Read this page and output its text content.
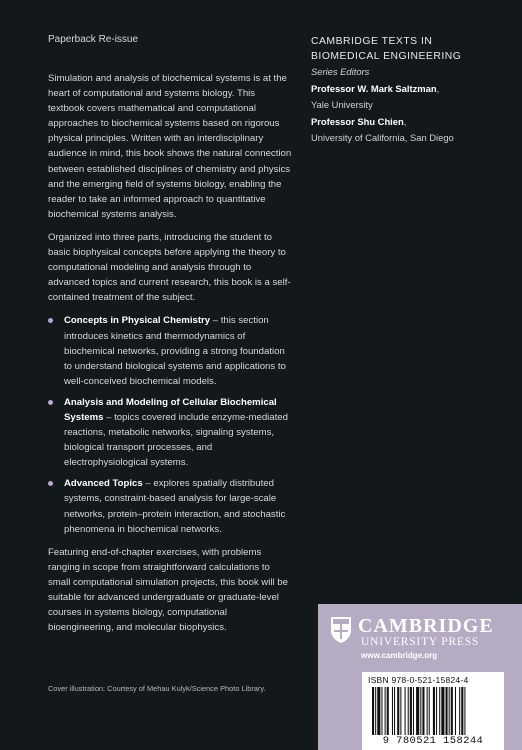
Paperback Re-issue

Simulation and analysis of biochemical systems is at the heart of computational and systems biology. This textbook covers mathematical and computational approaches to biochemical systems based on rigorous physical principles. Written with an interdisciplinary audience in mind, this book shows the natural connection between established disciplines of chemistry and physics and the emerging field of systems biology, enabling the reader to take an informed approach to quantitative biochemical systems analysis.

Organized into three parts, introducing the student to basic biophysical concepts before applying the theory to computational modeling and analysis through to advanced topics and current research, this book is a self-contained treatment of the subject.

Concepts in Physical Chemistry – this section introduces kinetics and thermodynamics of biochemical networks, providing a strong foundation to understand biological systems and applications to well-conceived biochemical models.
Analysis and Modeling of Cellular Biochemical Systems – topics covered include enzyme-mediated reactions, metabolic networks, signaling systems, biological transport processes, and electrophysiological systems.
Advanced Topics – explores spatially distributed systems, constraint-based analysis for large-scale networks, protein–protein interaction, and stochastic phenomena in biochemical networks.

Featuring end-of-chapter exercises, with problems ranging in scope from straightforward calculations to small computational simulation projects, this book will be suitable for advanced undergraduate or graduate-level courses in systems biology, computational bioengineering, and molecular biophysics.

Cover illustration: Courtesy of Mehau Kulyk/Science Photo Library.
CAMBRIDGE TEXTS IN
BIOMEDICAL ENGINEERING
Series Editors
Professor W. Mark Saltzman,
Yale University
Professor Shu Chien,
University of California, San Diego
CAMBRIDGE
UNIVERSITY PRESS
www.cambridge.org
ISBN 978-0-521-15824-4
9 780521 158244
